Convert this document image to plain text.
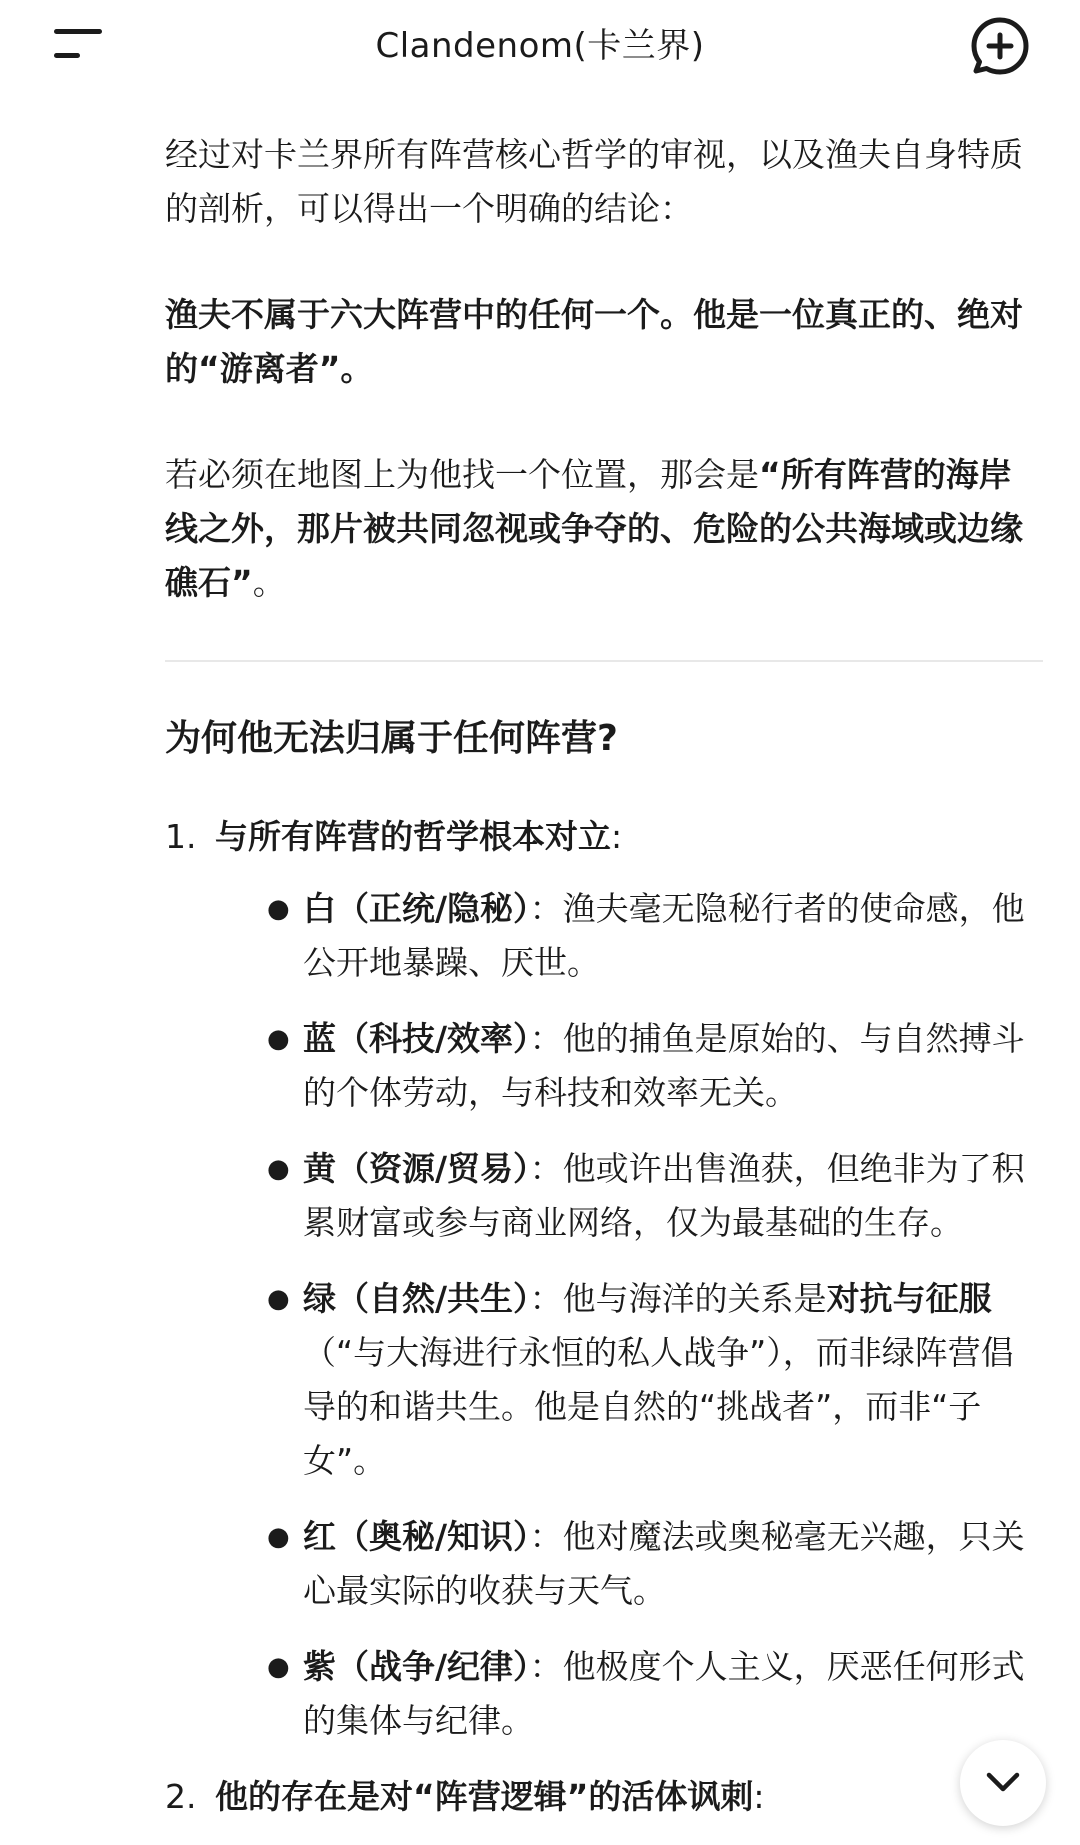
Clandenom(卡兰界)

经过对卡兰界所有阵营核心哲学的审视，以及渔夫自身特质的剖析，可以得出一个明确的结论：

渔夫不属于六大阵营中的任何一个。他是一位真正的、绝对的“游离者”。

若必须在地图上为他找一个位置，那会是“所有阵营的海岸线之外，那片被共同忽视或争夺的、危险的公共海域或边缘礁石”。

为何他无法归属于任何阵营?
1. 与所有阵营的哲学根本对立:
● 白（正统/隐秘）：渔夫毫无隐秘行者的使命感，他公开地暴躁、厌世。
● 蓝（科技/效率）：他的捕鱼是原始的、与自然搏斗的个体劳动，与科技和效率无关。
● 黄（资源/贸易）：他或许出售渔获，但绝非为了积累财富或参与商业网络，仅为最基础的生存。
● 绿（自然/共生）：他与海洋的关系是对抗与征服（“与大海进行永恒的私人战争”），而非绿阵营倡导的和谐共生。他是自然的“挑战者”，而非“子女”。
● 红（奥秘/知识）：他对魔法或奥秘毫无兴趣，只关心最实际的收获与天气。
● 紫（战争/纪律）：他极度个人主义，厌恶任何形式的集体与纪律。
2. 他的存在是对“阵营逻辑”的活体讽刺:
